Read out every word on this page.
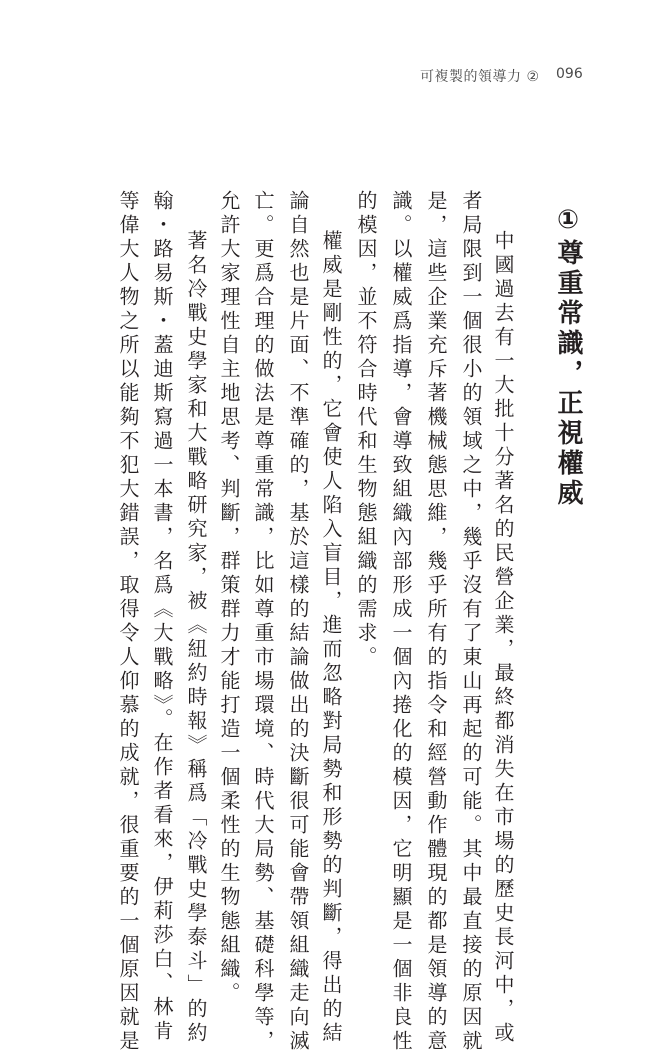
可複製的領導力 ② 096
①尊重常識，正視權威
中國過去有一大批十分著名的民營企業，最終都消失在市場的歷史長河中，或
者局限到一個很小的領域之中，幾乎沒有了東山再起的可能。其中最直接的原因就
是，這些企業充斥著機械態思維，幾乎所有的指令和經營動作體現的都是領導的意
識。以權威爲指導，會導致組織內部形成一個內捲化的模因，它明顯是一個非良性
的模因，並不符合時代和生物態組織的需求。
權威是剛性的，它會使人陷入盲目，進而忽略對局勢和形勢的判斷，得出的結
論自然也是片面、不準確的，基於這樣的結論做出的決斷很可能會帶領組織走向滅
亡。更爲合理的做法是尊重常識，比如尊重市場環境、時代大局勢、基礎科學等，
允許大家理性自主地思考、判斷，群策群力才能打造一個柔性的生物態組織。
著名冷戰史學家和大戰略研究家，被《紐約時報》稱爲「冷戰史學泰斗」的約
翰・路易斯・蓋迪斯寫過一本書，名爲《大戰略》。在作者看來，伊莉莎白、林肯
等偉大人物之所以能夠不犯大錯誤，取得令人仰慕的成就，很重要的一個原因就是
